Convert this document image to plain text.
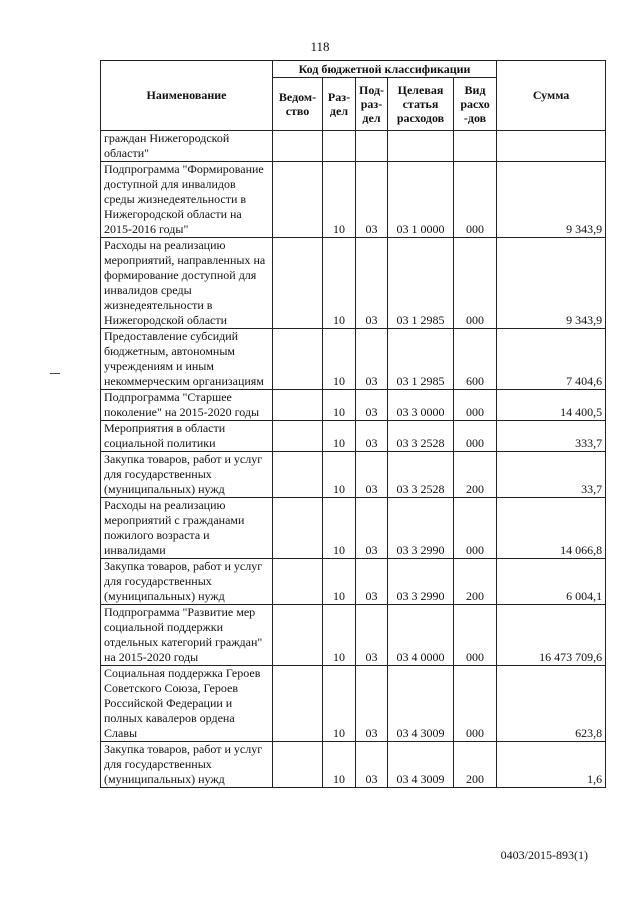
118
Наименование	Код бюджетной классификации					Сумма
	Ведом-ство	Раз-дел	Под-раз-дел	Целевая статья расходов	Вид расхо -дов	
граждан Нижегородской области"						
Подпрограмма "Формирование доступной для инвалидов среды жизнедеятельности в Нижегородской области на 2015-2016 годы"		10	03	03 1 0000	000	9 343,9
Расходы на реализацию мероприятий, направленных на формирование доступной для инвалидов среды жизнедеятельности в Нижегородской области		10	03	03 1 2985	000	9 343,9
Предоставление субсидий бюджетным, автономным учреждениям и иным некоммерческим организациям		10	03	03 1 2985	600	7 404,6
Подпрограмма "Старшее поколение" на 2015-2020 годы		10	03	03 3 0000	000	14 400,5
Мероприятия в области социальной политики		10	03	03 3 2528	000	333,7
Закупка товаров, работ и услуг для государственных (муниципальных) нужд		10	03	03 3 2528	200	33,7
Расходы на реализацию мероприятий с гражданами пожилого возраста и инвалидами		10	03	03 3 2990	000	14 066,8
Закупка товаров, работ и услуг для государственных (муниципальных) нужд		10	03	03 3 2990	200	6 004,1
Подпрограмма "Развитие мер социальной поддержки отдельных категорий граждан" на 2015-2020 годы		10	03	03 4 0000	000	16 473 709,6
Социальная поддержка Героев Советского Союза, Героев Российской Федерации и полных кавалеров ордена Славы		10	03	03 4 3009	000	623,8
Закупка товаров, работ и услуг для государственных (муниципальных) нужд		10	03	03 4 3009	200	1,6
0403/2015-893(1)
